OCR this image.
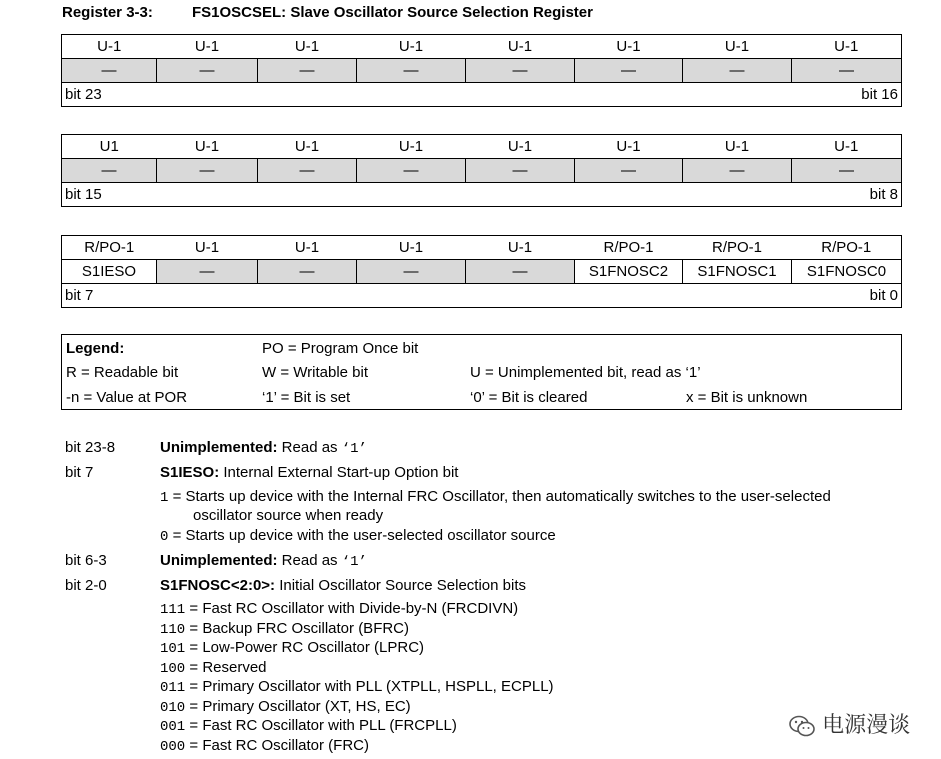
Register 3-3:	FS1OSCSEL: Slave Oscillator Source Selection Register
U-1	U-1	U-1	U-1	U-1	U-1	U-1	U-1
—	—	—	—	—	—	—	—

bit 23 bit 16							
U1	U-1	U-1	U-1	U-1	U-1	U-1	U-1
—	—	—	—	—	—	—	—

bit 15 bit 8							
R/PO-1	U-1	U-1	U-1	U-1	R/PO-1	R/PO-1	R/PO-1
S1IESO	—	—	—	—	S1FNOSC2	S1FNOSC1	S1FNOSC0

bit 7 bit 0							
Legend:	PO = Program Once bit
R = Readable bit	W = Writable bit	U = Unimplemented bit, read as ‘1’
-n = Value at POR	‘1’ = Bit is set	‘0’ = Bit is cleared	x = Bit is unknown
bit 23-8	Unimplemented: Read as ‘1’
bit 7	S1IESO: Internal External Start-up Option bit
1 = Starts up device with the Internal FRC Oscillator, then automatically switches to the user-selected
oscillator source when ready
0 = Starts up device with the user-selected oscillator source
bit 6-3	Unimplemented: Read as ‘1’
bit 2-0	S1FNOSC<2:0>: Initial Oscillator Source Selection bits
111 = Fast RC Oscillator with Divide-by-N (FRCDIVN)
110 = Backup FRC Oscillator (BFRC)
101 = Low-Power RC Oscillator (LPRC)
100 = Reserved
011 = Primary Oscillator with PLL (XTPLL, HSPLL, ECPLL)
010 = Primary Oscillator (XT, HS, EC)
001 = Fast RC Oscillator with PLL (FRCPLL)
000 = Fast RC Oscillator (FRC)
电源漫谈
